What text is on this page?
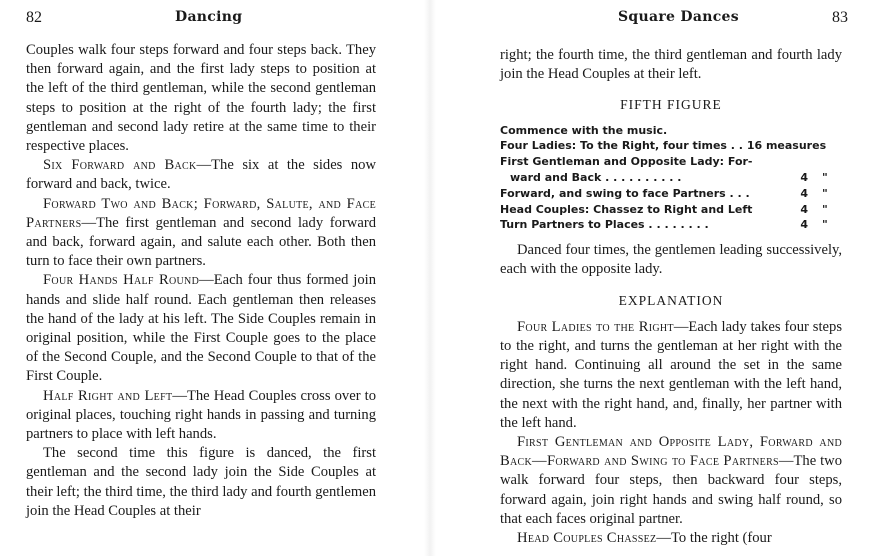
82	Dancing

Couples walk four steps forward and four steps back. They then forward again, and the first lady steps to position at the left of the third gentleman, while the second gentleman steps to position at the right of the fourth lady; the first gentleman and second lady retire at the same time to their respective places.

Six Forward and Back—The six at the sides now forward and back, twice.

Forward Two and Back; Forward, Salute, and Face Partners—The first gentleman and second lady forward and back, forward again, and salute each other. Both then turn to face their own partners.

Four Hands Half Round—Each four thus formed join hands and slide half round. Each gentleman then releases the hand of the lady at his left. The Side Couples remain in original position, while the First Couple goes to the place of the Second Couple, and the Second Couple to that of the First Couple.

Half Right and Left—The Head Couples cross over to original places, touching right hands in passing and turning partners to place with left hands.

The second time this figure is danced, the first gentleman and the second lady join the Side Couples at their left; the third time, the third lady and fourth gentlemen join the Head Couples at their

Square Dances	83

right; the fourth time, the third gentleman and fourth lady join the Head Couples at their left.

FIFTH FIGURE
Commence with the music.
Four Ladies: To the Right, four times . . 16 measures
First Gentleman and Opposite Lady: For-
ward and Back . . . . . . . . . .	4	"
Forward, and swing to face Partners . . .	4	"
Head Couples: Chassez to Right and Left	4	"
Turn Partners to Places . . . . . . . .	4	"

Danced four times, the gentlemen leading successively, each with the opposite lady.

EXPLANATION

Four Ladies to the Right—Each lady takes four steps to the right, and turns the gentleman at her right with the right hand. Continuing all around the set in the same direction, she turns the next gentleman with the left hand, the next with the right hand, and, finally, her partner with the left hand.

First Gentleman and Opposite Lady, Forward and Back—Forward and Swing to Face Partners—The two walk forward four steps, then backward four steps, forward again, join right hands and swing half round, so that each faces original partner.

Head Couples Chassez—To the right (four
